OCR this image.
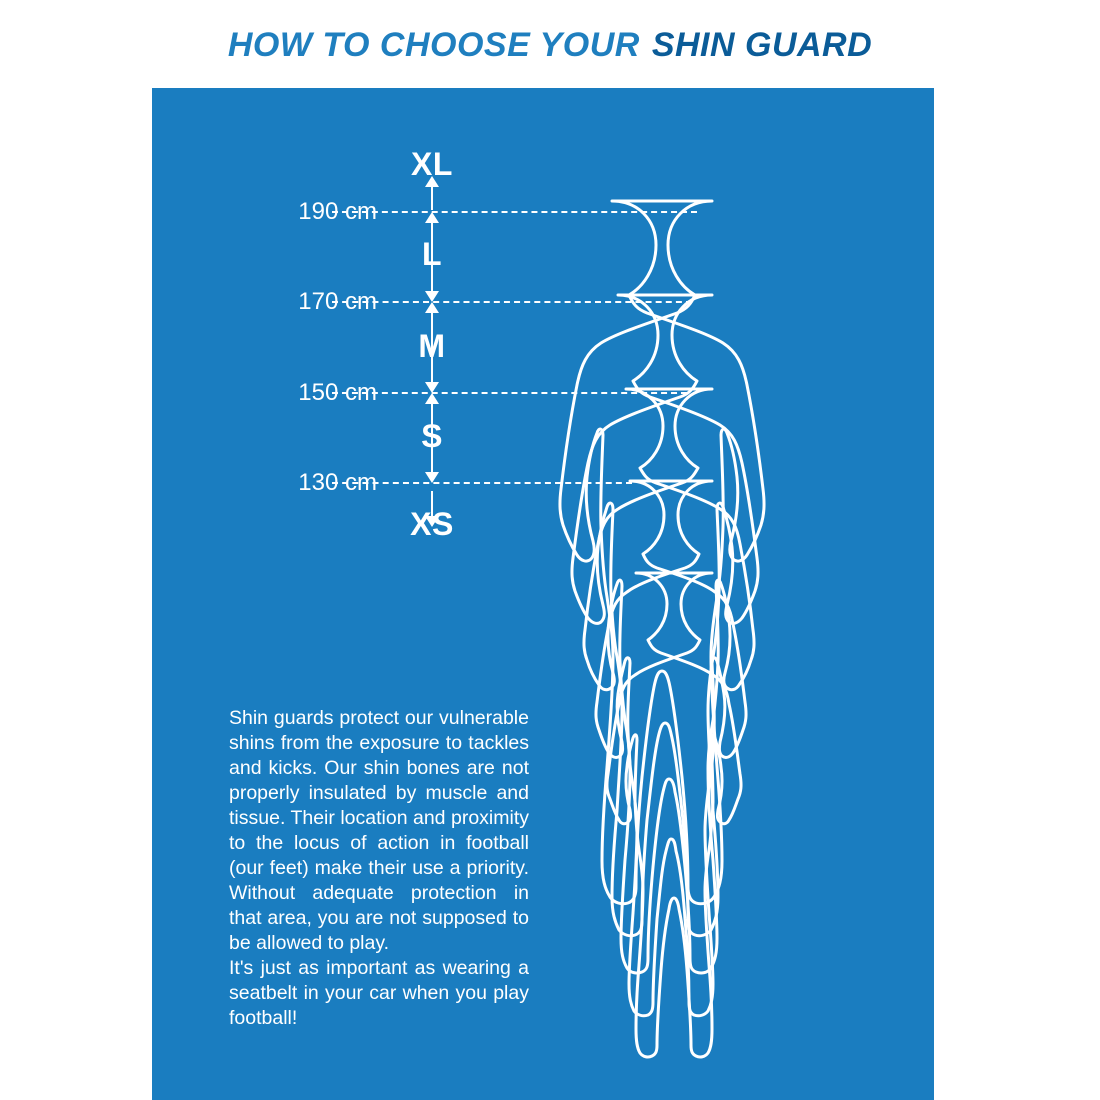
HOW TO CHOOSE YOUR SHIN GUARD
XL
L
M
S
XS
190 cm
170 cm
150 cm
130 cm

Shin guards protect our vulnerable shins from the exposure to tackles and kicks. Our shin bones are not properly insulated by muscle and tissue. Their location and proximity to the locus of action in football (our feet) make their use a priority. Without adequate protection in that area, you are not supposed to be allowed to play.

It's just as important as wearing a seatbelt in your car when you play football!
